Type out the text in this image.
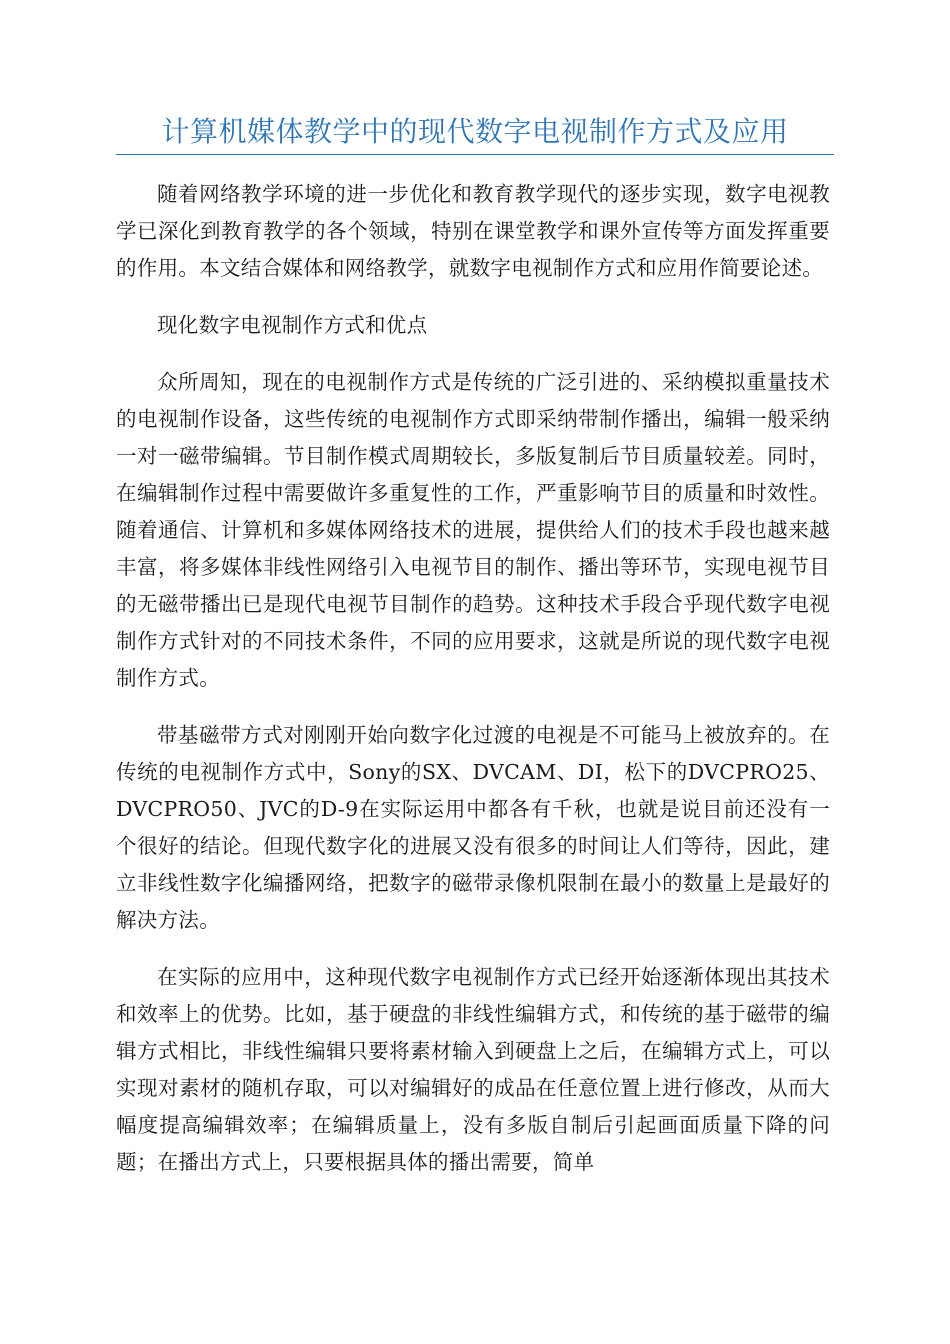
计算机媒体教学中的现代数字电视制作方式及应用

随着网络教学环境的进一步优化和教育教学现代的逐步实现，数字电视教学已深化到教育教学的各个领域，特别在课堂教学和课外宣传等方面发挥重要的作用。本文结合媒体和网络教学，就数字电视制作方式和应用作简要论述。

现化数字电视制作方式和优点

众所周知，现在的电视制作方式是传统的广泛引进的、采纳模拟重量技术的电视制作设备，这些传统的电视制作方式即采纳带制作播出，编辑一般采纳一对一磁带编辑。节目制作模式周期较长，多版复制后节目质量较差。同时，在编辑制作过程中需要做许多重复性的工作，严重影响节目的质量和时效性。随着通信、计算机和多媒体网络技术的进展，提供给人们的技术手段也越来越丰富，将多媒体非线性网络引入电视节目的制作、播出等环节，实现电视节目的无磁带播出已是现代电视节目制作的趋势。这种技术手段合乎现代数字电视制作方式针对的不同技术条件，不同的应用要求，这就是所说的现代数字电视制作方式。

带基磁带方式对刚刚开始向数字化过渡的电视是不可能马上被放弃的。在传统的电视制作方式中，Sony的SX、DVCAM、DI，松下的DVCPRO25、DVCPRO50、JVC的D-9在实际运用中都各有千秋，也就是说目前还没有一个很好的结论。但现代数字化的进展又没有很多的时间让人们等待，因此，建立非线性数字化编播网络，把数字的磁带录像机限制在最小的数量上是最好的解决方法。

在实际的应用中，这种现代数字电视制作方式已经开始逐渐体现出其技术和效率上的优势。比如，基于硬盘的非线性编辑方式，和传统的基于磁带的编辑方式相比，非线性编辑只要将素材输入到硬盘上之后，在编辑方式上，可以实现对素材的随机存取，可以对编辑好的成品在任意位置上进行修改，从而大幅度提高编辑效率；在编辑质量上，没有多版自制后引起画面质量下降的问题；在播出方式上，只要根据具体的播出需要，简单
